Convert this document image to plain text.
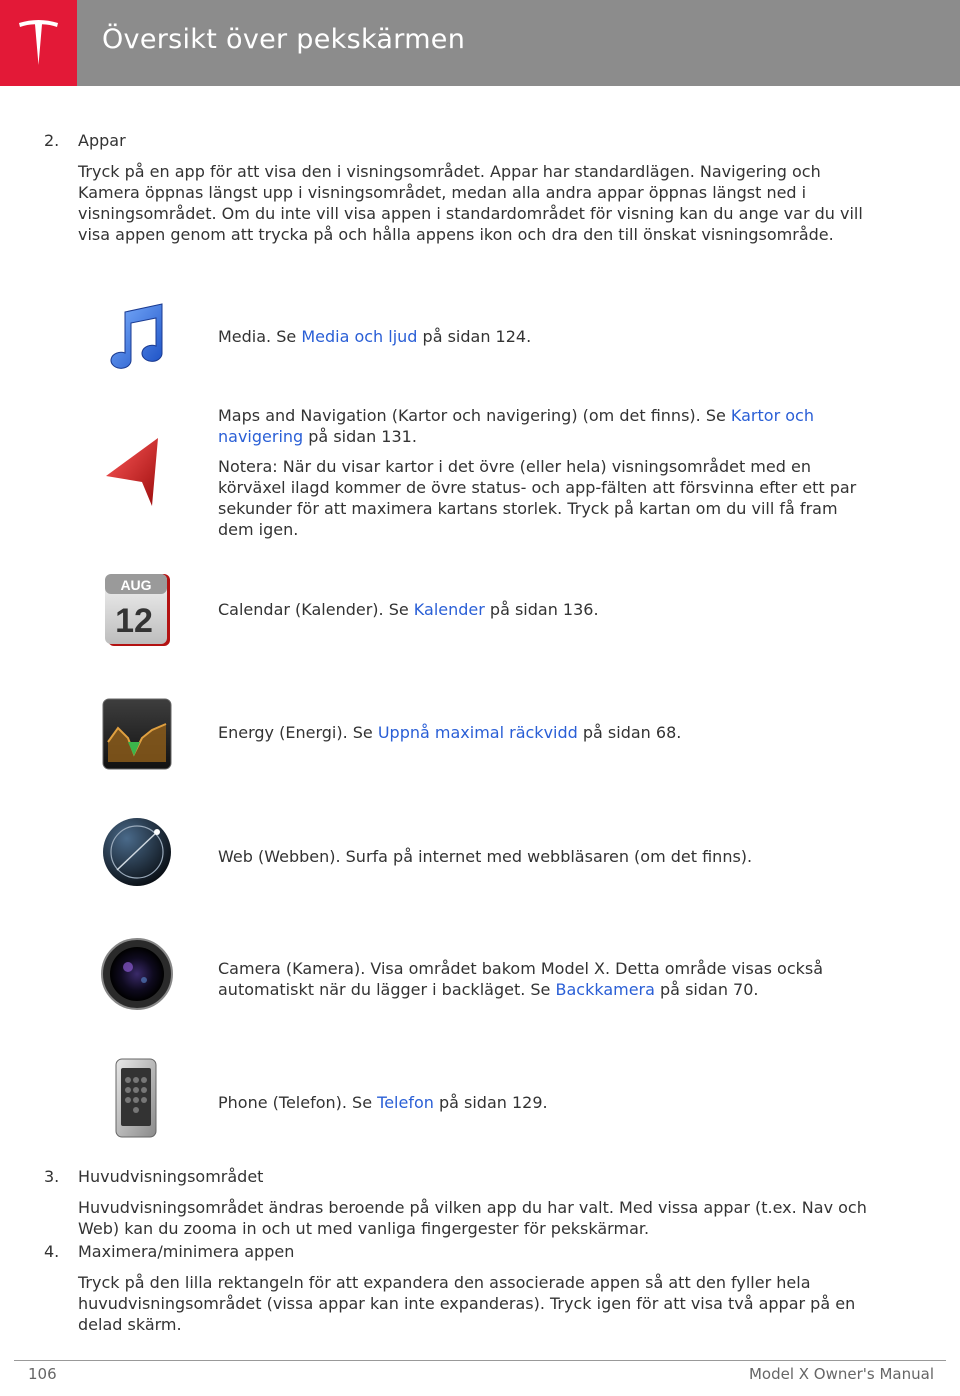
Översikt över pekskärmen
2. Appar

Tryck på en app för att visa den i visningsområdet. Appar har standardlägen. Navigering och Kamera öppnas längst upp i visningsområdet, medan alla andra appar öppnas längst ned i visningsområdet. Om du inte vill visa appen i standardområdet för visning kan du ange var du vill visa appen genom att trycka på och hålla appens ikon och dra den till önskat visningsområde.

Media. Se Media och ljud på sidan 124.

Maps and Navigation (Kartor och navigering) (om det finns). Se Kartor och navigering på sidan 131.

Notera: När du visar kartor i det övre (eller hela) visningsområdet med en körväxel ilagd kommer de övre status- och app-fälten att försvinna efter ett par sekunder för att maximera kartans storlek. Tryck på kartan om du vill få fram dem igen.

AUG
12	Calendar (Kalender). Se Kalender på sidan 136.

Energy (Energi). Se Uppnå maximal räckvidd på sidan 68.

Web (Webben). Surfa på internet med webbläsaren (om det finns).

Camera (Kamera). Visa området bakom Model X. Detta område visas också automatiskt när du lägger i backläget. Se Backkamera på sidan 70.

Phone (Telefon). Se Telefon på sidan 129.

3. Huvudvisningsområdet

Huvudvisningsområdet ändras beroende på vilken app du har valt. Med vissa appar (t.ex. Nav och Web) kan du zooma in och ut med vanliga fingergester för pekskärmar.

4. Maximera/minimera appen

Tryck på den lilla rektangeln för att expandera den associerade appen så att den fyller hela huvudvisningsområdet (vissa appar kan inte expanderas). Tryck igen för att visa två appar på en delad skärm.

106	Model X Owner's Manual
